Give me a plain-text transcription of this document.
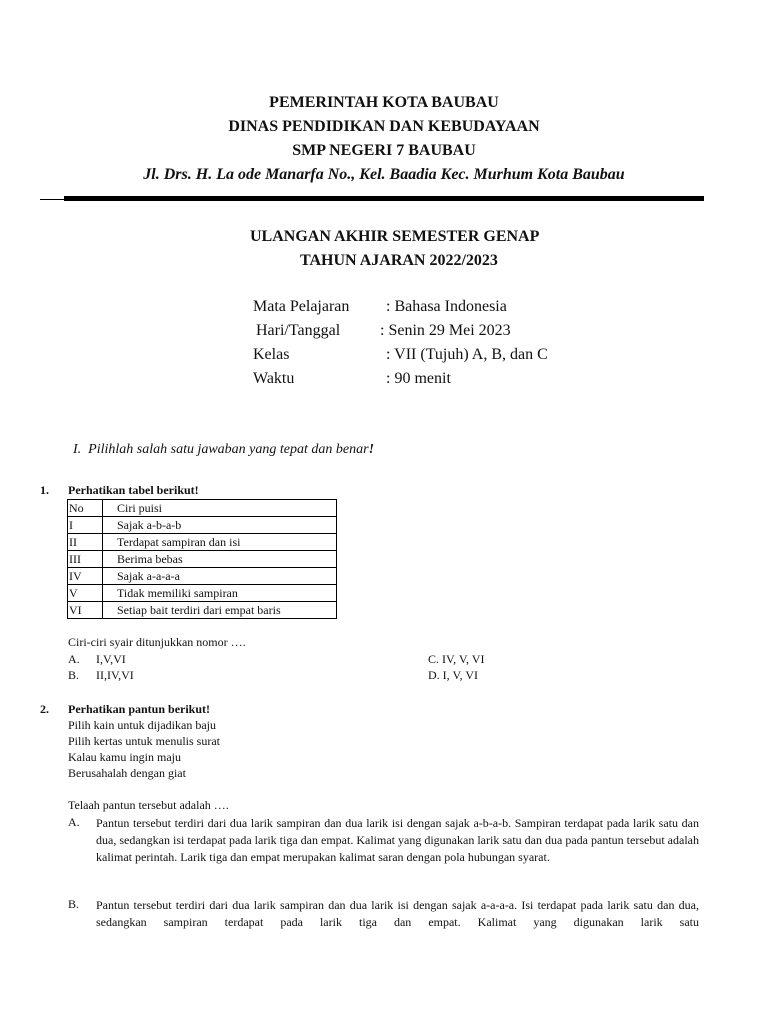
PEMERINTAH KOTA BAUBAU
DINAS PENDIDIKAN DAN KEBUDAYAAN
SMP NEGERI 7 BAUBAU
Jl. Drs. H. La ode Manarfa No., Kel. Baadia Kec. Murhum Kota Baubau
ULANGAN AKHIR SEMESTER GENAP
TAHUN AJARAN 2022/2023
Mata Pelajaran : Bahasa Indonesia
Hari/Tanggal : Senin 29 Mei 2023
Kelas	: VII (Tujuh) A, B, dan C
Waktu	: 90 menit
I. Pilihlah salah satu jawaban yang tepat dan benar!
1. Perhatikan tabel berikut!
No	Ciri puisi
I	Sajak a-b-a-b
II	Terdapat sampiran dan isi
III	Berima bebas
IV	Sajak a-a-a-a
V	Tidak memiliki sampiran
VI	Setiap bait terdiri dari empat baris
Ciri-ciri syair ditunjukkan nomor ….
A. I,V,VI
B. II,IV,VI
C. IV, V, VI
D. I, V, VI
2. Perhatikan pantun berikut!
Pilih kain untuk dijadikan baju
Pilih kertas untuk menulis surat
Kalau kamu ingin maju
Berusahalah dengan giat
Telaah pantun tersebut adalah ….
A. Pantun tersebut terdiri dari dua larik sampiran dan dua larik isi dengan sajak a-b-a-b. Sampiran terdapat pada larik satu dan dua, sedangkan isi terdapat pada larik tiga dan empat. Kalimat yang digunakan larik satu dan dua pada pantun tersebut adalah kalimat perintah. Larik tiga dan empat merupakan kalimat saran dengan pola hubungan syarat.
B. Pantun tersebut terdiri dari dua larik sampiran dan dua larik isi dengan sajak a-a-a-a. Isi terdapat pada larik satu dan dua, sedangkan sampiran terdapat pada larik tiga dan empat. Kalimat yang digunakan larik satu
